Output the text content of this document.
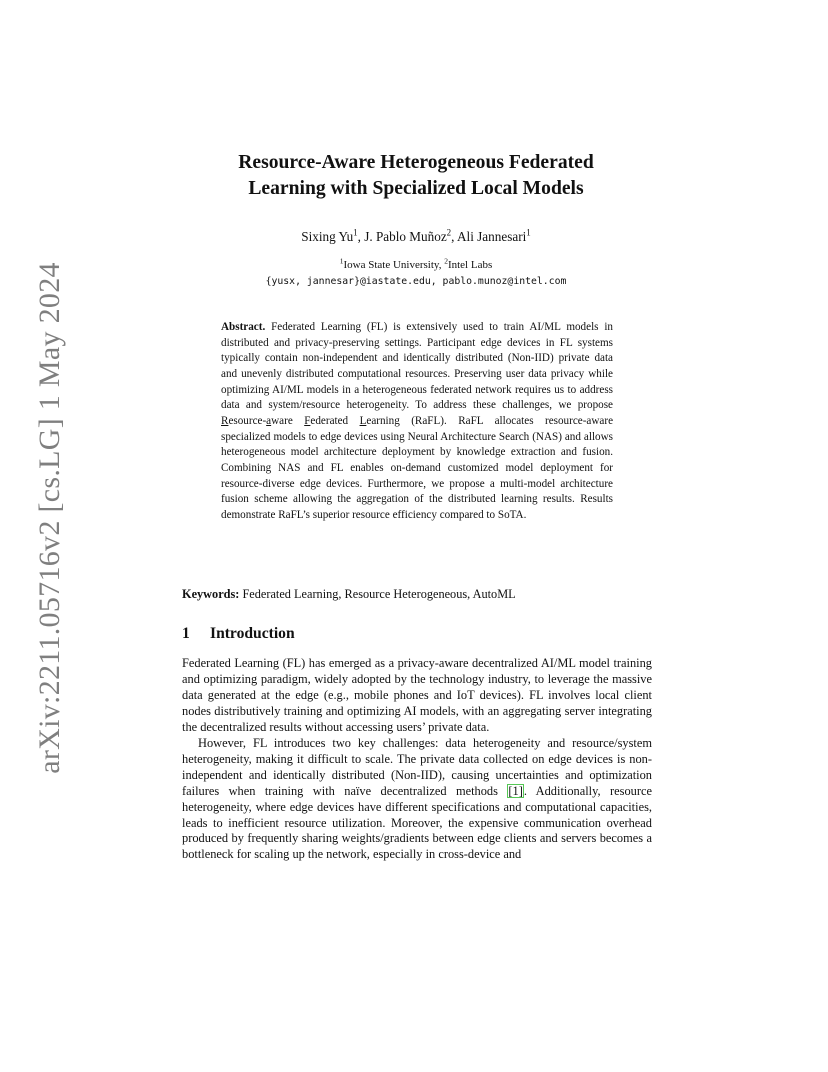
arXiv:2211.05716v2 [cs.LG] 1 May 2024
Resource-Aware Heterogeneous Federated
Learning with Specialized Local Models
Sixing Yu$^1$, J. Pablo Muñoz$^2$, Ali Jannesari$^1$
$^1$Iowa State University, $^2$Intel Labs
{yusx, jannesar}@iastate.edu, pablo.munoz@intel.com

Abstract. Federated Learning (FL) is extensively used to train AI/ML models in distributed and privacy-preserving settings. Participant edge devices in FL systems typically contain non-independent and identically distributed (Non-IID) private data and unevenly distributed computational resources. Preserving user data privacy while optimizing AI/ML models in a heterogeneous federated network requires us to address data and system/resource heterogeneity. To address these challenges, we propose Resource-aware Federated Learning (RaFL). RaFL allocates resource-aware specialized models to edge devices using Neural Architecture Search (NAS) and allows heterogeneous model architecture deployment by knowledge extraction and fusion. Combining NAS and FL enables on-demand customized model deployment for resource-diverse edge devices. Furthermore, we propose a multi-model architecture fusion scheme allowing the aggregation of the distributed learning results. Results demonstrate RaFL’s superior resource efficiency compared to SoTA.

Keywords: Federated Learning, Resource Heterogeneous, AutoML
1 Introduction

Federated Learning (FL) has emerged as a privacy-aware decentralized AI/ML model training and optimizing paradigm, widely adopted by the technology industry, to leverage the massive data generated at the edge (e.g., mobile phones and IoT devices). FL involves local client nodes distributively training and optimizing AI models, with an aggregating server integrating the decentralized results without accessing users’ private data.

However, FL introduces two key challenges: data heterogeneity and resource/system heterogeneity, making it difficult to scale. The private data collected on edge devices is non-independent and identically distributed (Non-IID), causing uncertainties and optimization failures when training with naïve decentralized methods [1]. Additionally, resource heterogeneity, where edge devices have different specifications and computational capacities, leads to inefficient resource utilization. Moreover, the expensive communication overhead produced by frequently sharing weights/gradients between edge clients and servers becomes a bottleneck for scaling up the network, especially in cross-device and
